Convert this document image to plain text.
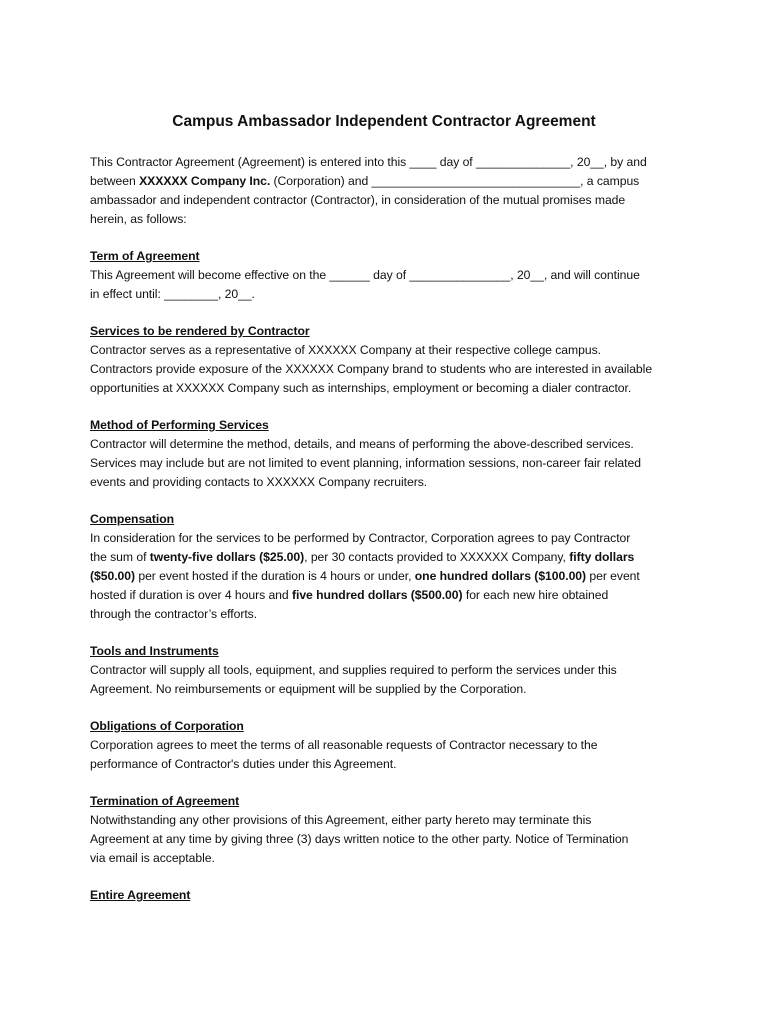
Campus Ambassador Independent Contractor Agreement

This Contractor Agreement (Agreement) is entered into this ____ day of ______________, 20__, by and
between XXXXXX Company Inc. (Corporation) and _______________________________, a campus
ambassador and independent contractor (Contractor), in consideration of the mutual promises made
herein, as follows:

Term of Agreement

This Agreement will become effective on the ______ day of _______________, 20__, and will continue
in effect until: ________, 20__.

Services to be rendered by Contractor

Contractor serves as a representative of XXXXXX Company at their respective college campus.
Contractors provide exposure of the XXXXXX Company brand to students who are interested in available
opportunities at XXXXXX Company such as internships, employment or becoming a dialer contractor.

Method of Performing Services

Contractor will determine the method, details, and means of performing the above-described services.
Services may include but are not limited to event planning, information sessions, non-career fair related
events and providing contacts to XXXXXX Company recruiters.

Compensation

In consideration for the services to be performed by Contractor, Corporation agrees to pay Contractor
the sum of twenty-five dollars ($25.00), per 30 contacts provided to XXXXXX Company, fifty dollars
($50.00) per event hosted if the duration is 4 hours or under, one hundred dollars ($100.00) per event
hosted if duration is over 4 hours and five hundred dollars ($500.00) for each new hire obtained
through the contractor’s efforts.

Tools and Instruments

Contractor will supply all tools, equipment, and supplies required to perform the services under this
Agreement. No reimbursements or equipment will be supplied by the Corporation.

Obligations of Corporation

Corporation agrees to meet the terms of all reasonable requests of Contractor necessary to the
performance of Contractor's duties under this Agreement.

Termination of Agreement

Notwithstanding any other provisions of this Agreement, either party hereto may terminate this
Agreement at any time by giving three (3) days written notice to the other party. Notice of Termination
via email is acceptable.

Entire Agreement
